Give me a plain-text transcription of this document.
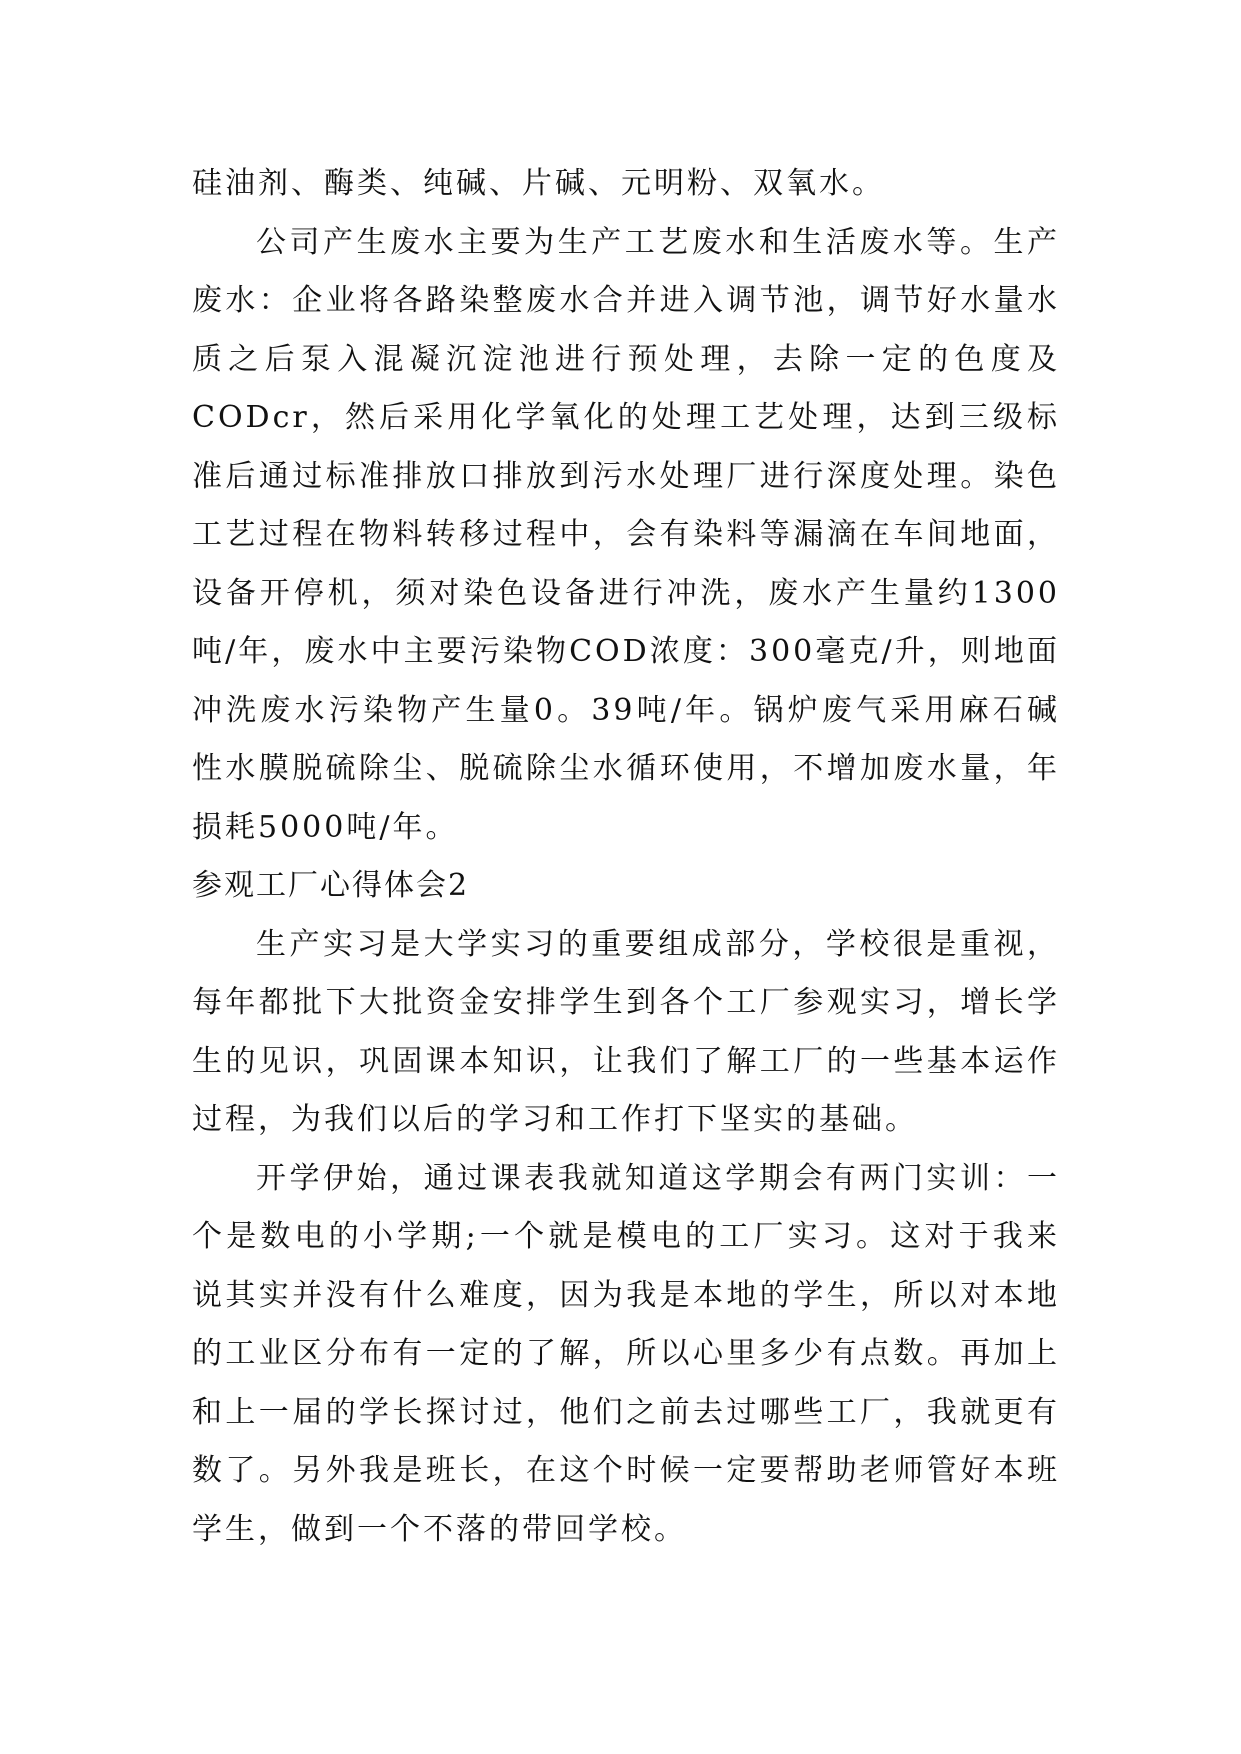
硅油剂、酶类、纯碱、片碱、元明粉、双氧水。

公司产生废水主要为生产工艺废水和生活废水等。生产废水：企业将各路染整废水合并进入调节池，调节好水量水质之后泵入混凝沉淀池进行预处理，去除一定的色度及CODcr，然后采用化学氧化的处理工艺处理，达到三级标准后通过标准排放口排放到污水处理厂进行深度处理。染色工艺过程在物料转移过程中，会有染料等漏滴在车间地面，设备开停机，须对染色设备进行冲洗，废水产生量约1300吨/年，废水中主要污染物COD浓度：300毫克/升，则地面冲洗废水污染物产生量0。39吨/年。锅炉废气采用麻石碱性水膜脱硫除尘、脱硫除尘水循环使用，不增加废水量，年损耗5000吨/年。

参观工厂心得体会2

生产实习是大学实习的重要组成部分，学校很是重视，每年都批下大批资金安排学生到各个工厂参观实习，增长学生的见识，巩固课本知识，让我们了解工厂的一些基本运作过程，为我们以后的学习和工作打下坚实的基础。

开学伊始，通过课表我就知道这学期会有两门实训：一个是数电的小学期;一个就是模电的工厂实习。这对于我来说其实并没有什么难度，因为我是本地的学生，所以对本地的工业区分布有一定的了解，所以心里多少有点数。再加上和上一届的学长探讨过，他们之前去过哪些工厂，我就更有数了。另外我是班长，在这个时候一定要帮助老师管好本班学生，做到一个不落的带回学校。
